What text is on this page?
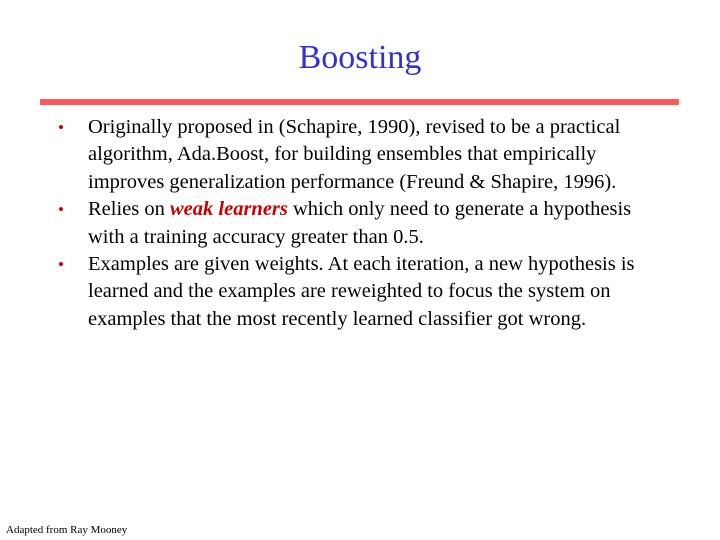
Boosting
•	Originally proposed in (Schapire, 1990), revised to be a practical algorithm, Ada.Boost, for building ensembles that empirically improves generalization performance (Freund & Shapire, 1996).
•	Relies on weak learners which only need to generate a hypothesis with a training accuracy greater than 0.5.
•	Examples are given weights. At each iteration, a new hypothesis is learned and the examples are reweighted to focus the system on examples that the most recently learned classifier got wrong.
Adapted from Ray Mooney
